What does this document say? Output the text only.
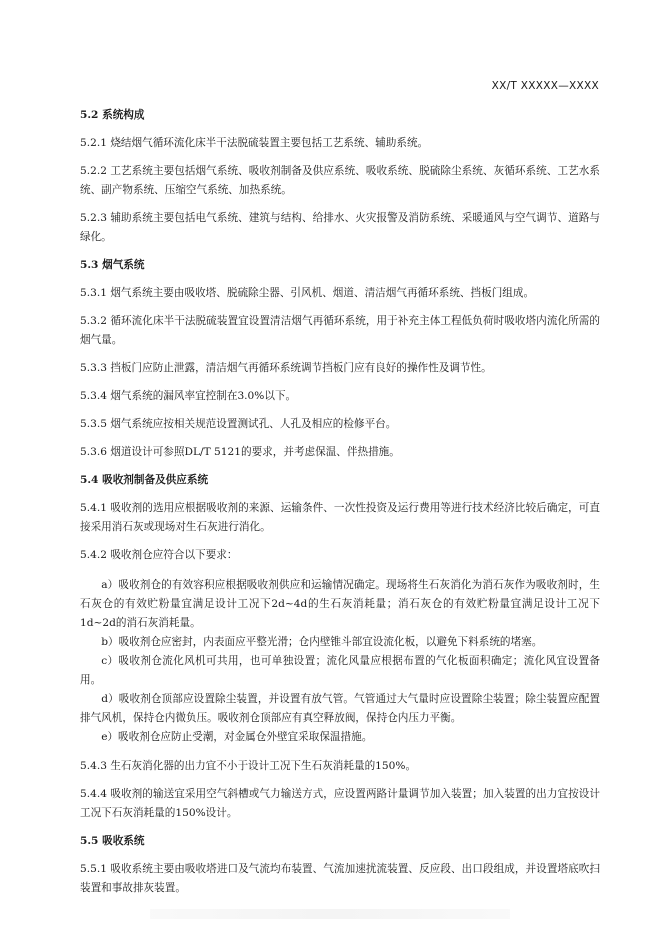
XX/T XXXXX—XXXX
5.2 系统构成
5.2.1 烧结烟气循环流化床半干法脱硫装置主要包括工艺系统、辅助系统。
5.2.2 工艺系统主要包括烟气系统、吸收剂制备及供应系统、吸收系统、脱硫除尘系统、灰循环系统、工艺水系统、副产物系统、压缩空气系统、加热系统。
5.2.3 辅助系统主要包括电气系统、建筑与结构、给排水、火灾报警及消防系统、采暖通风与空气调节、道路与绿化。
5.3 烟气系统
5.3.1 烟气系统主要由吸收塔、脱硫除尘器、引风机、烟道、清洁烟气再循环系统、挡板门组成。
5.3.2 循环流化床半干法脱硫装置宜设置清洁烟气再循环系统，用于补充主体工程低负荷时吸收塔内流化所需的烟气量。
5.3.3 挡板门应防止泄露，清洁烟气再循环系统调节挡板门应有良好的操作性及调节性。
5.3.4 烟气系统的漏风率宜控制在3.0%以下。
5.3.5 烟气系统应按相关规范设置测试孔、人孔及相应的检修平台。
5.3.6 烟道设计可参照DL/T 5121的要求，并考虑保温、伴热措施。
5.4 吸收剂制备及供应系统
5.4.1 吸收剂的选用应根据吸收剂的来源、运输条件、一次性投资及运行费用等进行技术经济比较后确定，可直接采用消石灰或现场对生石灰进行消化。
5.4.2 吸收剂仓应符合以下要求：
a）吸收剂仓的有效容积应根据吸收剂供应和运输情况确定。现场将生石灰消化为消石灰作为吸收剂时，生石灰仓的有效贮粉量宜满足设计工况下2d~4d的生石灰消耗量；消石灰仓的有效贮粉量宜满足设计工况下1d~2d的消石灰消耗量。
b）吸收剂仓应密封，内表面应平整光滑；仓内壁锥斗部宜设流化板，以避免下料系统的堵塞。
c）吸收剂仓流化风机可共用，也可单独设置；流化风量应根据布置的气化板面积确定；流化风宜设置备用。
d）吸收剂仓顶部应设置除尘装置，并设置有放气管。气管通过大气量时应设置除尘装置；除尘装置应配置排气风机，保持仓内微负压。吸收剂仓顶部应有真空释放阀，保持仓内压力平衡。
e）吸收剂仓应防止受潮，对金属仓外壁宜采取保温措施。
5.4.3 生石灰消化器的出力宜不小于设计工况下生石灰消耗量的150%。
5.4.4 吸收剂的输送宜采用空气斜槽或气力输送方式，应设置两路计量调节加入装置；加入装置的出力宜按设计工况下石灰消耗量的150%设计。
5.5 吸收系统
5.5.1 吸收系统主要由吸收塔进口及气流均布装置、气流加速扰流装置、反应段、出口段组成，并设置塔底吹扫装置和事故排灰装置。
